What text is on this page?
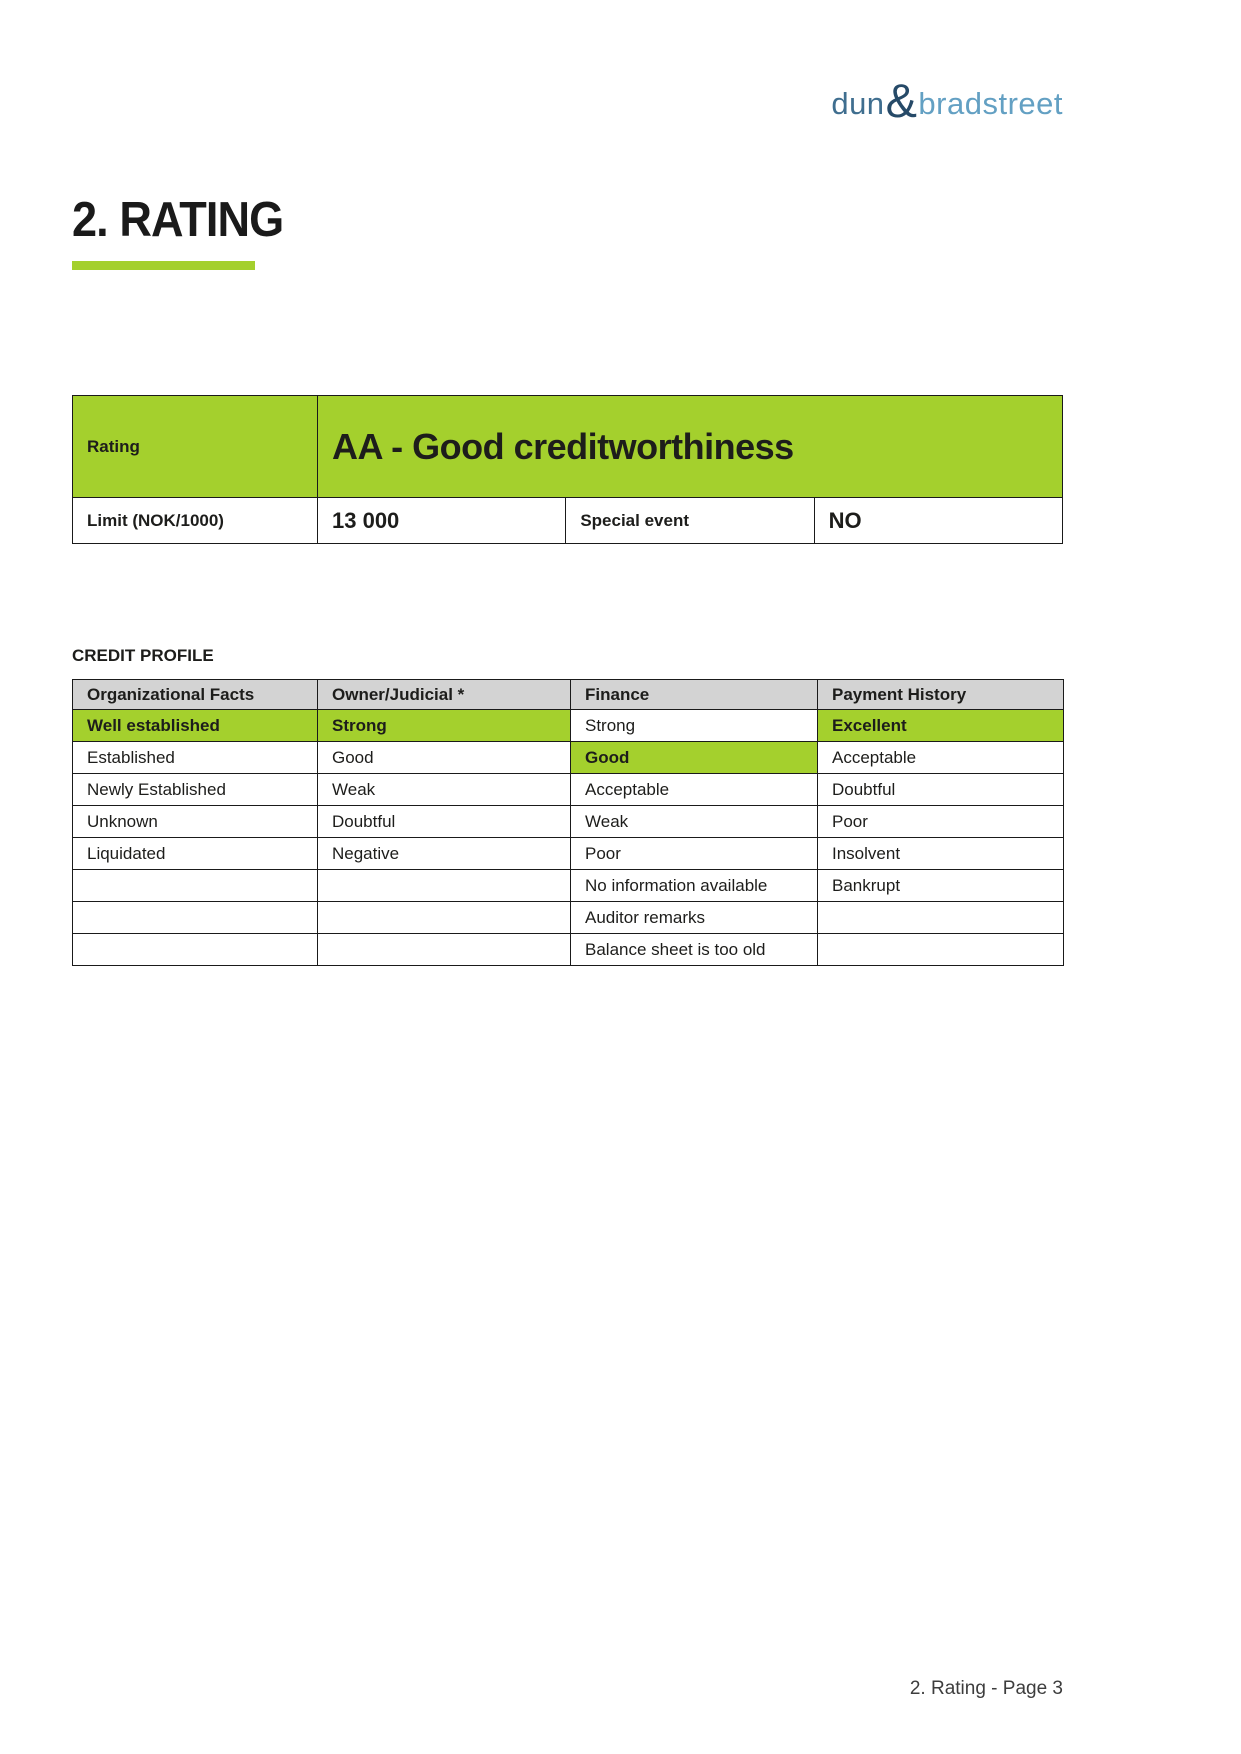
dun & bradstreet
2. RATING
Rating	AA - Good creditworthiness		
Limit (NOK/1000)	13 000	Special event	NO
CREDIT PROFILE
Organizational Facts	Owner/Judicial *	Finance	Payment History
Well established	Strong	Strong	Excellent
Established	Good	Good	Acceptable
Newly Established	Weak	Acceptable	Doubtful
Unknown	Doubtful	Weak	Poor
Liquidated	Negative	Poor	Insolvent
		No information available	Bankrupt
		Auditor remarks	
		Balance sheet is too old	
2. Rating - Page 3
